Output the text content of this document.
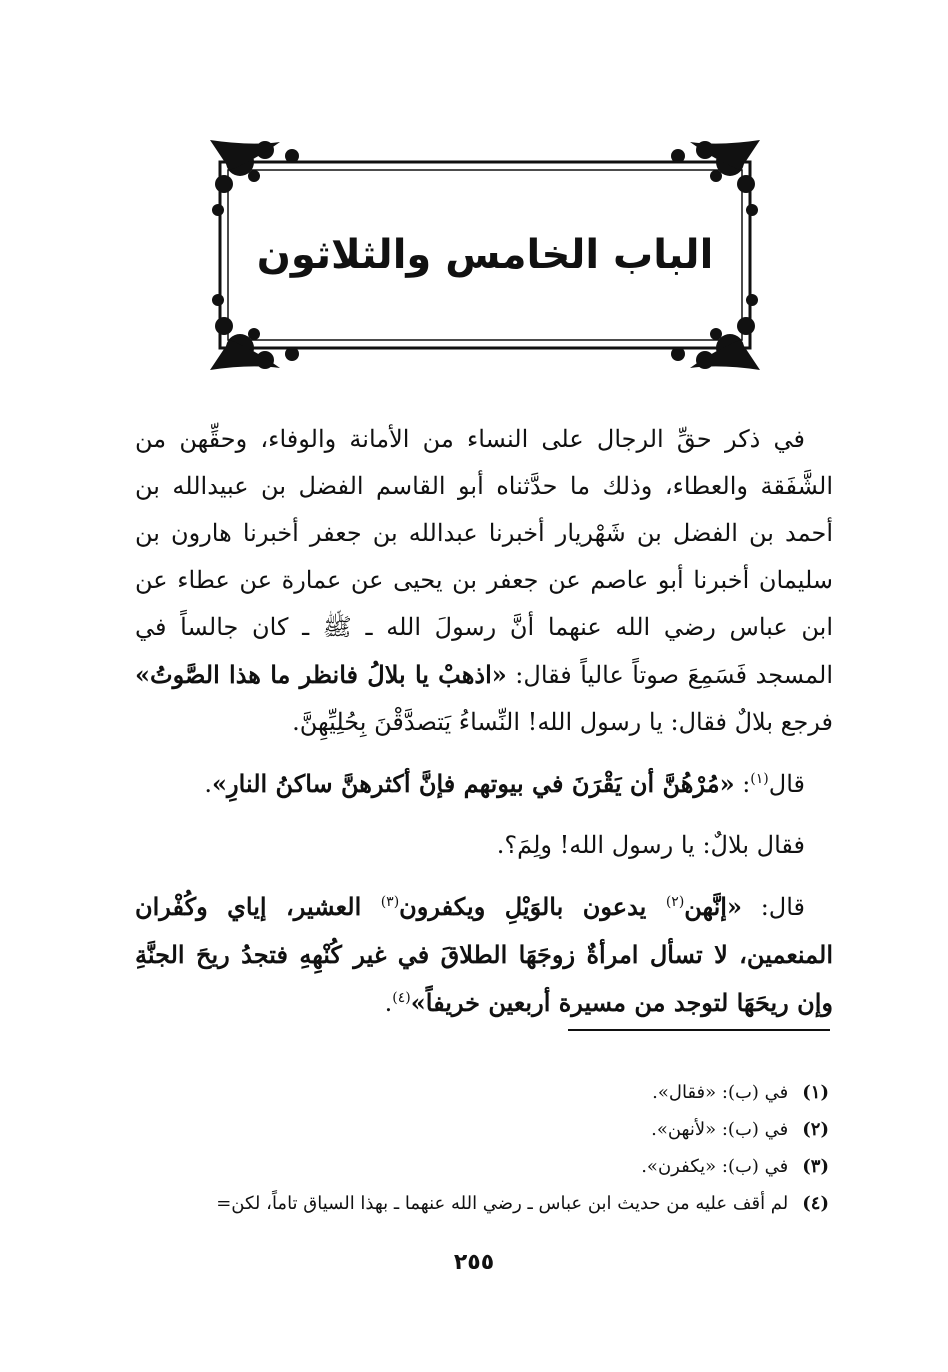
الباب الخامس والثلاثون

في ذكر حقِّ الرجال على النساء من الأمانة والوفاء، وحقِّهن من الشَّفَقة والعطاء، وذلك ما حدَّثناه أبو القاسم الفضل بن عبيدالله بن أحمد بن الفضل بن شَهْريار أخبرنا عبدالله بن جعفر أخبرنا هارون بن سليمان أخبرنا أبو عاصم عن جعفر بن يحيى عن عمارة عن عطاء عن ابن عباس رضي الله عنهما أنَّ رسولَ الله ـ ﷺ ـ كان جالساً في المسجد فَسَمِعَ صوتاً عالياً فقال: «اذهبْ يا بلالُ فانظر ما هذا الصَّوتُ» فرجع بلالٌ فقال: يا رسول الله! النِّساءُ يَتصدَّقْنَ بِحُلِيِّهِنَّ.

قال$^{(١)}$: «مُرْهُنَّ أن يَقْرَنَ في بيوتهم فإنَّ أكثرهنَّ ساكنُ النارِ».

فقال بلالٌ: يا رسول الله! ولِمَ؟.

قال: «إنَّهن$^{(٢)}$ يدعون بالوَيْلِ ويكفرون$^{(٣)}$ العشير، إياي وكُفْران المنعمين، لا تسأل امرأةٌ زوجَهَا الطلاقَ في غير كُنْهِهِ فتجدُ ريحَ الجنَّةِ وإن ريحَهَا لتوجد من مسيرة أربعين خريفاً»$^{(٤)}$.

(١)في (ب): «فقال».
(٢)في (ب): «لأنهن».
(٣)في (ب): «يكفرن».
(٤)لم أقف عليه من حديث ابن عباس ـ رضي الله عنهما ـ بهذا السياق تاماً، لكن=
٢٥٥
